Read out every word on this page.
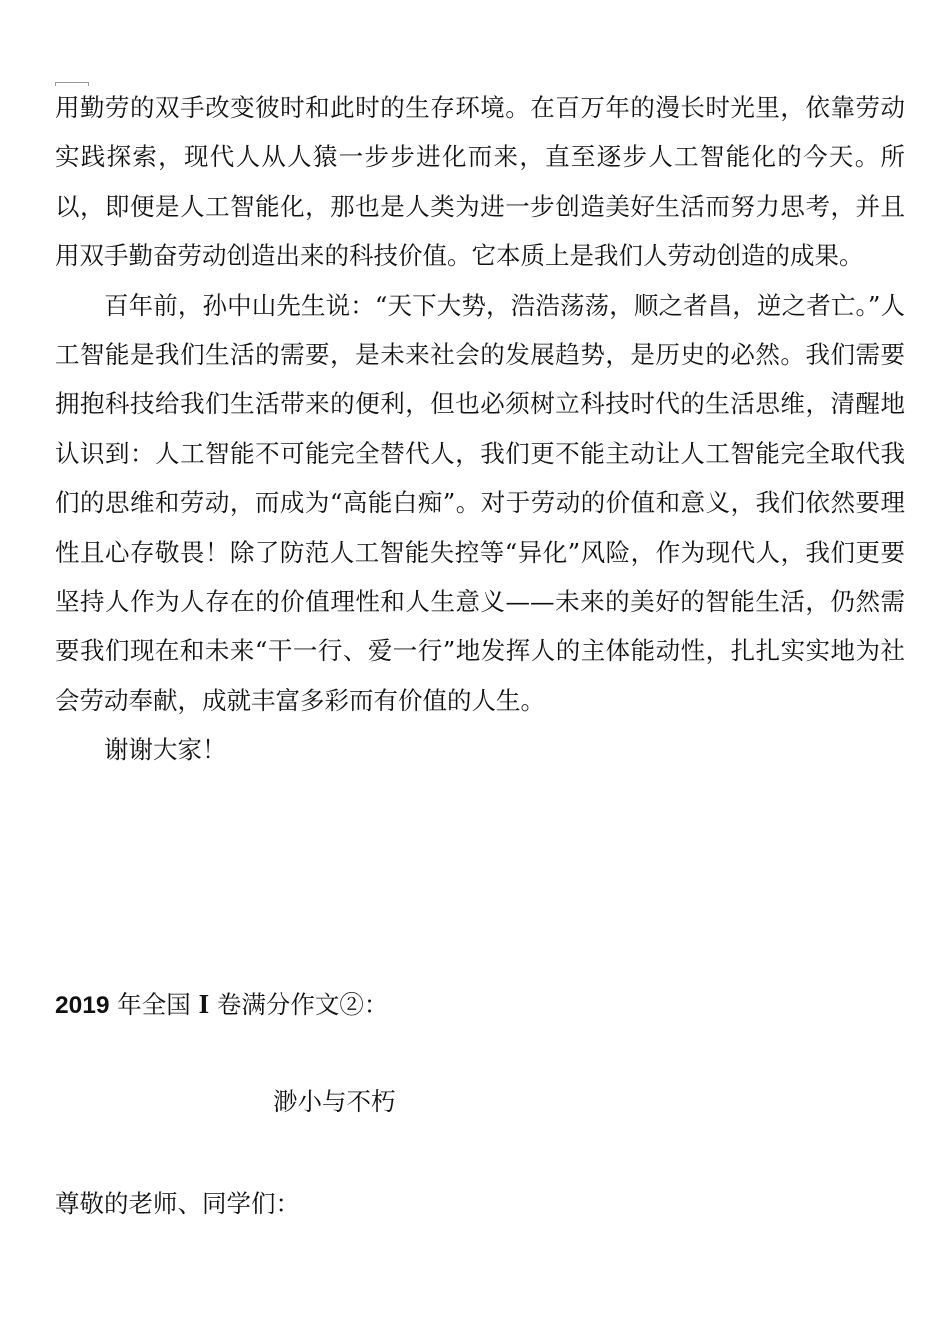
用勤劳的双手改变彼时和此时的生存环境。在百万年的漫长时光里，依靠劳动实践探索，现代人从人猿一步步进化而来，直至逐步人工智能化的今天。所以，即便是人工智能化，那也是人类为进一步创造美好生活而努力思考，并且用双手勤奋劳动创造出来的科技价值。它本质上是我们人劳动创造的成果。

百年前，孙中山先生说：“天下大势，浩浩荡荡，顺之者昌，逆之者亡。”人工智能是我们生活的需要，是未来社会的发展趋势，是历史的必然。我们需要拥抱科技给我们生活带来的便利，但也必须树立科技时代的生活思维，清醒地认识到：人工智能不可能完全替代人，我们更不能主动让人工智能完全取代我们的思维和劳动，而成为“高能白痴”。对于劳动的价值和意义，我们依然要理性且心存敬畏！除了防范人工智能失控等“异化”风险，作为现代人，我们更要坚持人作为人存在的价值理性和人生意义——未来的美好的智能生活，仍然需要我们现在和未来“干一行、爱一行”地发挥人的主体能动性，扎扎实实地为社会劳动奉献，成就丰富多彩而有价值的人生。

谢谢大家！

2019 年全国 I 卷满分作文②：
渺小与不朽
尊敬的老师、同学们：
